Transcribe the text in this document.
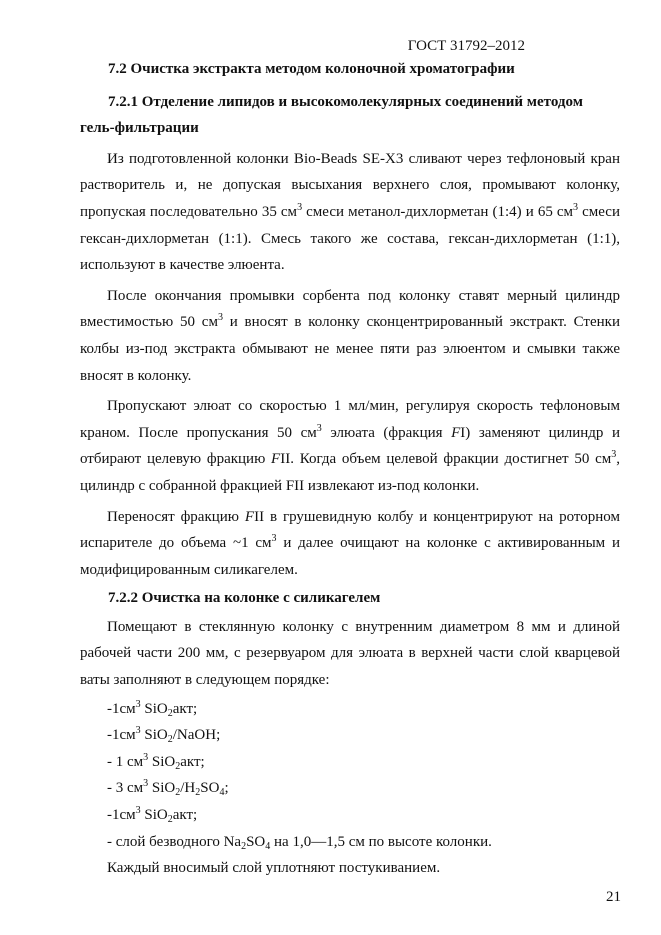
ГОСТ 31792–2012
7.2 Очистка экстракта методом колоночной хроматографии
7.2.1 Отделение липидов и высокомолекулярных соединений методом гель-фильтрации
Из подготовленной колонки Bio-Beads SE-X3 сливают через тефлоновый кран растворитель и, не допуская высыхания верхнего слоя, промывают колонку, пропуская последовательно 35 $см^3$ смеси метанол-дихлорметан (1:4) и 65 $см^3$ смеси гексан-дихлорметан (1:1). Смесь такого же состава, гексан-дихлорметан (1:1), используют в качестве элюента.
После окончания промывки сорбента под колонку ставят мерный цилиндр вместимостью 50 $см^3$ и вносят в колонку сконцентрированный экстракт. Стенки колбы из-под экстракта обмывают не менее пяти раз элюентом и смывки также вносят в колонку.
Пропускают элюат со скоростью 1 мл/мин, регулируя скорость тефлоновым краном. После пропускания 50 $см^3$ элюата (фракция FI) заменяют цилиндр и отбирают целевую фракцию FII. Когда объем целевой фракции достигнет 50 $см^3$, цилиндр с собранной фракцией FII извлекают из-под колонки.
Переносят фракцию FII в грушевидную колбу и концентрируют на роторном испарителе до объема ~1 $см^3$ и далее очищают на колонке с активированным и модифицированным силикагелем.
7.2.2 Очистка на колонке с силикагелем
Помещают в стеклянную колонку с внутренним диаметром 8 мм и длиной рабочей части 200 мм, с резервуаром для элюата в верхней части слой кварцевой ваты заполняют в следующем порядке:
$-1см^3$ SiO$_2$акт;
$-1см^3$ SiO$_2$/NaOH;
- 1 $см^3$ SiO$_2$акт;
- 3 $см^3$ $SiO_2/H_2SO_4$;
$-1см^3$ SiO$_2$акт;
- слой безводного $Na_2SO_4$ на 1,0—1,5 см по высоте колонки.
Каждый вносимый слой уплотняют постукиванием.
21
